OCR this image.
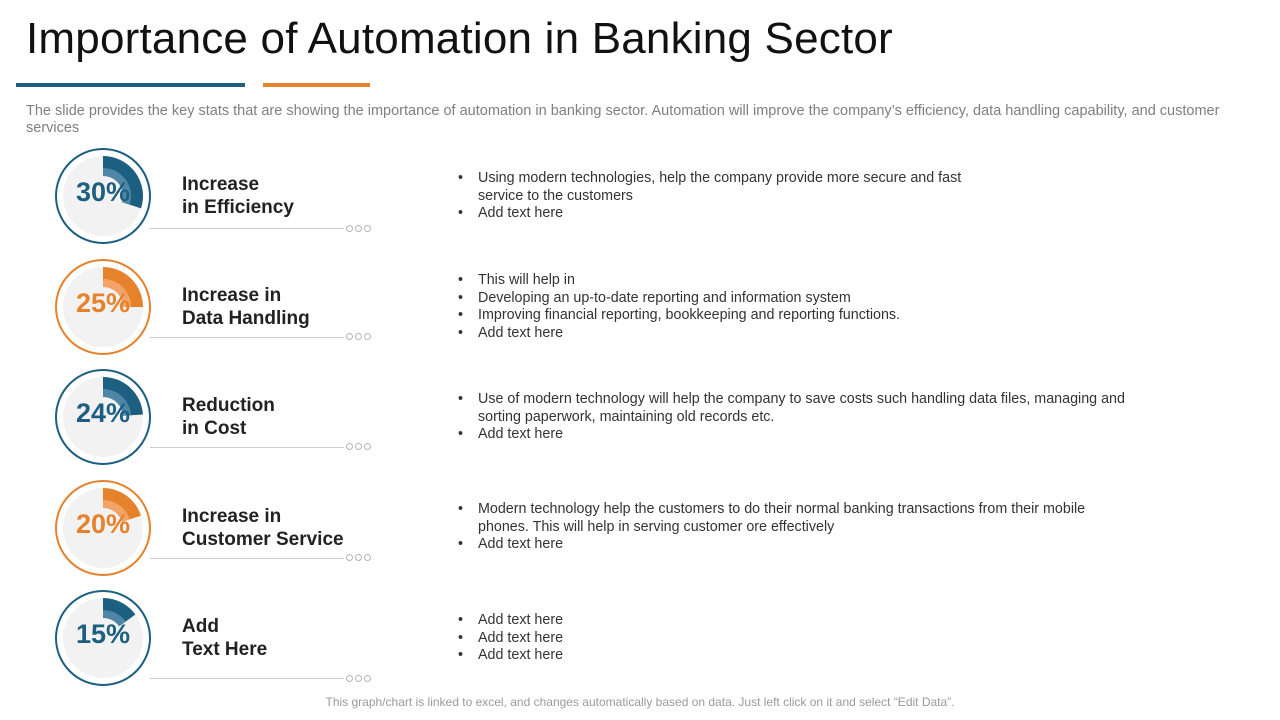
Importance of Automation in Banking Sector
The slide provides the key stats that are showing the importance of automation in banking sector. Automation will improve the company’s efficiency, data handling capability, and customer services
30%	Increase
in Efficiency
• Using modern technologies, help the company provide more secure and fast service to the customers
• Add text here
25%	Increase in
Data Handling
• This will help in
• Developing an up-to-date reporting and information system
• Improving financial reporting, bookkeeping and reporting functions.
• Add text here
24%	Reduction
in Cost
• Use of modern technology will help the company to save costs such handling data files, managing and sorting paperwork, maintaining old records etc.
• Add text here
20%	Increase in
Customer Service
• Modern technology help the customers to do their normal banking transactions from their mobile phones. This will help in serving customer ore effectively
• Add text here
15%	Add
Text Here
• Add text here
• Add text here
• Add text here
This graph/chart is linked to excel, and changes automatically based on data. Just left click on it and select “Edit Data”.
